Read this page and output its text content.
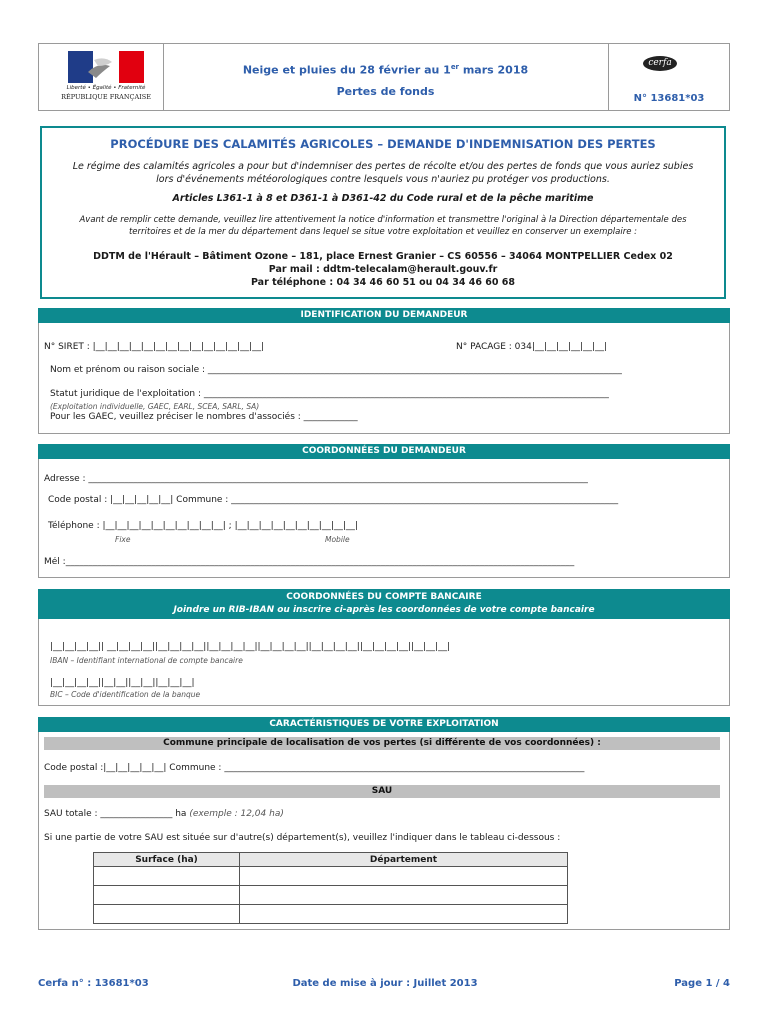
Liberté • Égalité • Fraternité
RÉPUBLIQUE FRANÇAISE
Neige et pluies du 28 février au 1er mars 2018
Pertes de fonds
cerfa
N° 13681*03
PROCÉDURE DES CALAMITÉS AGRICOLES – DEMANDE D'INDEMNISATION DES PERTES
Le régime des calamités agricoles a pour but d'indemniser des pertes de récolte et/ou des pertes de fonds que vous auriez subies
lors d'événements météorologiques contre lesquels vous n'auriez pu protéger vos productions.
Articles L361-1 à 8 et D361-1 à D361-42 du Code rural et de la pêche maritime
Avant de remplir cette demande, veuillez lire attentivement la notice d'information et transmettre l'original à la Direction départementale des
territoires et de la mer du département dans lequel se situe votre exploitation et veuillez en conserver un exemplaire :
DDTM de l'Hérault – Bâtiment Ozone – 181, place Ernest Granier – CS 60556 – 34064 MONTPELLIER Cedex 02
Par mail : ddtm-telecalam@herault.gouv.fr
Par téléphone : 04 34 46 60 51 ou 04 34 46 60 68
IDENTIFICATION DU DEMANDEUR
N° SIRET : |__|__|__|__|__|__|__|__|__|__|__|__|__|__|	N° PACAGE : 034|__|__|__|__|__|__|
Nom et prénom ou raison sociale : ____________________________________________________________________________________________
Statut juridique de l'exploitation : __________________________________________________________________________________________
(Exploitation individuelle, GAEC, EARL, SCEA, SARL, SA)
Pour les GAEC, veuillez préciser le nombres d'associés : ____________
COORDONNÉES DU DEMANDEUR
Adresse : _______________________________________________________________________________________________________________
Code postal : |__|__|__|__|__| Commune : ______________________________________________________________________________________
Téléphone : |__|__|__|__|__|__|__|__|__|__| ; |__|__|__|__|__|__|__|__|__|__|
Fixe	Mobile
Mél :_________________________________________________________________________________________________________________
COORDONNÉES DU COMPTE BANCAIRE
Joindre un RIB-IBAN ou inscrire ci-après les coordonnées de votre compte bancaire
|__|__|__|__|| __|__|__|__||__|__|__|__||__|__|__|__||__|__|__|__||__|__|__|__||__|__|__|__||__|__|__|
IBAN – Identifiant international de compte bancaire
|__|__|__|__||__|__||__|__||__|__|__|
BIC – Code d'identification de la banque
CARACTÉRISTIQUES DE VOTRE EXPLOITATION
Commune principale de localisation de vos pertes (si différente de vos coordonnées) :
Code postal :|__|__|__|__|__| Commune : ________________________________________________________________________________
SAU
SAU totale : ________________ ha (exemple : 12,04 ha)
Si une partie de votre SAU est située sur d'autre(s) département(s), veuillez l'indiquer dans le tableau ci-dessous :
Surface (ha)	Département

Cerfa n° : 13681*03	Date de mise à jour : Juillet 2013	Page 1 / 4
